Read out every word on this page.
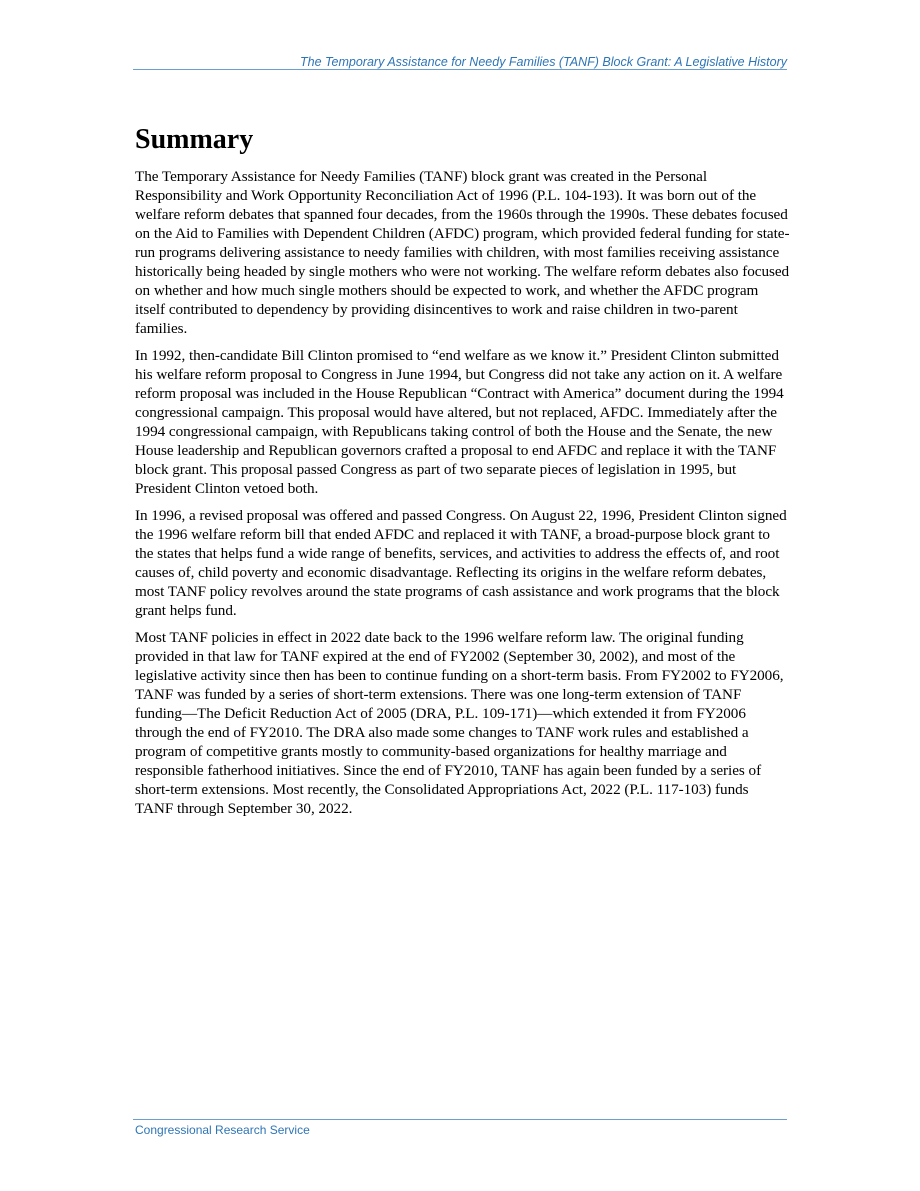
The Temporary Assistance for Needy Families (TANF) Block Grant: A Legislative History
Summary

The Temporary Assistance for Needy Families (TANF) block grant was created in the Personal Responsibility and Work Opportunity Reconciliation Act of 1996 (P.L. 104-193). It was born out of the welfare reform debates that spanned four decades, from the 1960s through the 1990s. These debates focused on the Aid to Families with Dependent Children (AFDC) program, which provided federal funding for state-run programs delivering assistance to needy families with children, with most families receiving assistance historically being headed by single mothers who were not working. The welfare reform debates also focused on whether and how much single mothers should be expected to work, and whether the AFDC program itself contributed to dependency by providing disincentives to work and raise children in two-parent families.

In 1992, then-candidate Bill Clinton promised to “end welfare as we know it.” President Clinton submitted his welfare reform proposal to Congress in June 1994, but Congress did not take any action on it. A welfare reform proposal was included in the House Republican “Contract with America” document during the 1994 congressional campaign. This proposal would have altered, but not replaced, AFDC. Immediately after the 1994 congressional campaign, with Republicans taking control of both the House and the Senate, the new House leadership and Republican governors crafted a proposal to end AFDC and replace it with the TANF block grant. This proposal passed Congress as part of two separate pieces of legislation in 1995, but President Clinton vetoed both.

In 1996, a revised proposal was offered and passed Congress. On August 22, 1996, President Clinton signed the 1996 welfare reform bill that ended AFDC and replaced it with TANF, a broad-purpose block grant to the states that helps fund a wide range of benefits, services, and activities to address the effects of, and root causes of, child poverty and economic disadvantage. Reflecting its origins in the welfare reform debates, most TANF policy revolves around the state programs of cash assistance and work programs that the block grant helps fund.

Most TANF policies in effect in 2022 date back to the 1996 welfare reform law. The original funding provided in that law for TANF expired at the end of FY2002 (September 30, 2002), and most of the legislative activity since then has been to continue funding on a short-term basis. From FY2002 to FY2006, TANF was funded by a series of short-term extensions. There was one long-term extension of TANF funding—The Deficit Reduction Act of 2005 (DRA, P.L. 109-171)—which extended it from FY2006 through the end of FY2010. The DRA also made some changes to TANF work rules and established a program of competitive grants mostly to community-based organizations for healthy marriage and responsible fatherhood initiatives. Since the end of FY2010, TANF has again been funded by a series of short-term extensions. Most recently, the Consolidated Appropriations Act, 2022 (P.L. 117-103) funds TANF through September 30, 2022.

Congressional Research Service
